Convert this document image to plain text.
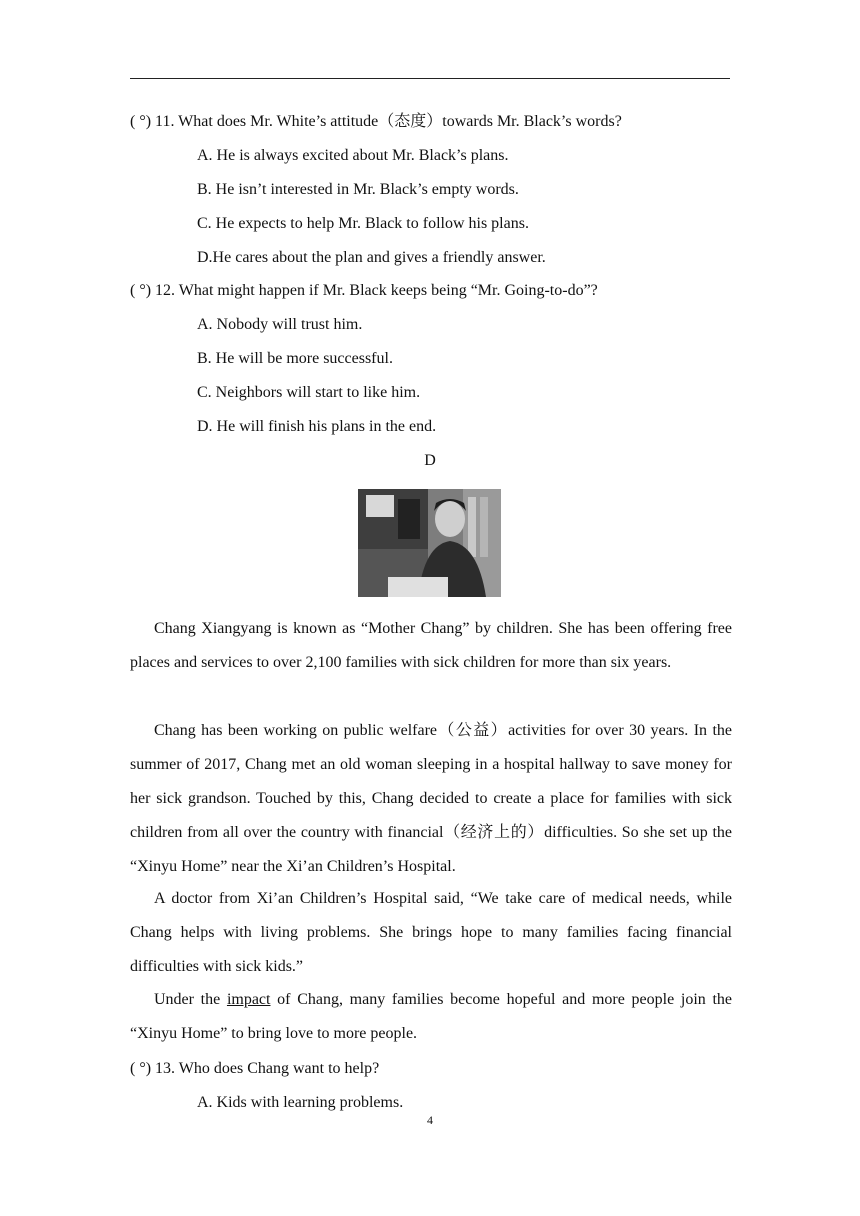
( °) 11. What does Mr. White’s attitude（态度）towards Mr. Black’s words?
A. He is always excited about Mr. Black’s plans.
B. He isn’t interested in Mr. Black’s empty words.
C. He expects to help Mr. Black to follow his plans.
D.He cares about the plan and gives a friendly answer.
( °) 12. What might happen if Mr. Black keeps being “Mr. Going-to-do”?
A. Nobody will trust him.
B. He will be more successful.
C. Neighbors will start to like him.
D. He will finish his plans in the end.
D
Chang Xiangyang is known as “Mother Chang” by children. She has been offering free places and services to over 2,100 families with sick children for more than six years.
Chang has been working on public welfare（公益）activities for over 30 years. In the summer of 2017, Chang met an old woman sleeping in a hospital hallway to save money for her sick grandson. Touched by this, Chang decided to create a place for families with sick children from all over the country with financial（经济上的）difficulties. So she set up the “Xinyu Home” near the Xi’an Children’s Hospital.
A doctor from Xi’an Children’s Hospital said, “We take care of medical needs, while Chang helps with living problems. She brings hope to many families facing financial difficulties with sick kids.”
Under the impact of Chang, many families become hopeful and more people join the “Xinyu Home” to bring love to more people.
( °) 13. Who does Chang want to help?
A. Kids with learning problems.
4
